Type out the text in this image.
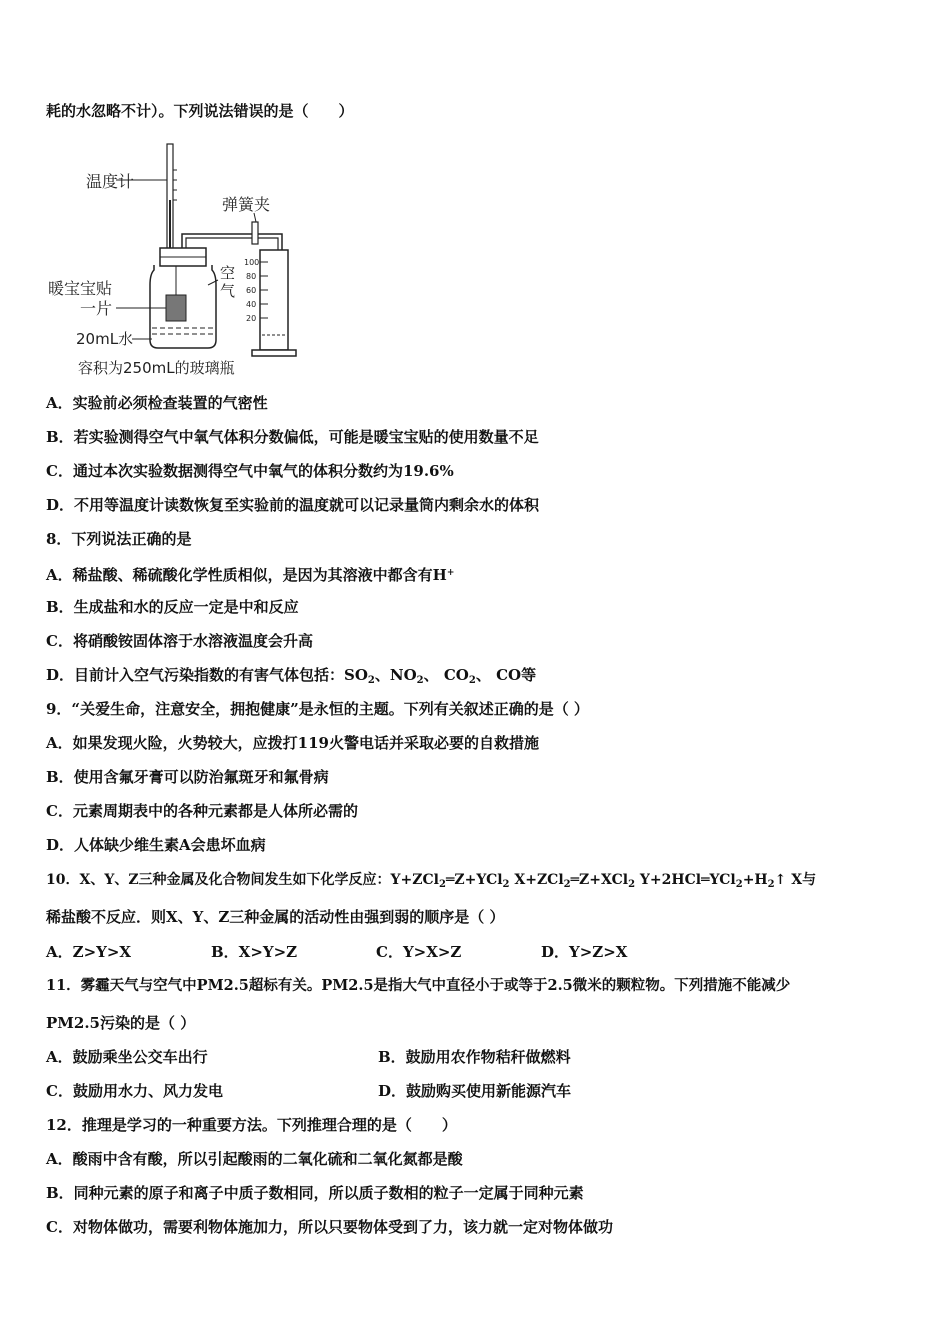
耗的水忽略不计）。下列说法错误的是（　　）
温度计
弹簧夹
100
80
60
40
20
空
气
暖宝宝贴
一片
20mL水
容积为250mL的玻璃瓶
A．实验前必须检查装置的气密性
B．若实验测得空气中氧气体积分数偏低，可能是暖宝宝贴的使用数量不足
C．通过本次实验数据测得空气中氧气的体积分数约为19.6%
D．不用等温度计读数恢复至实验前的温度就可以记录量筒内剩余水的体积
8．下列说法正确的是
A．稀盐酸、稀硫酸化学性质相似，是因为其溶液中都含有H+
B．生成盐和水的反应一定是中和反应
C．将硝酸铵固体溶于水溶液温度会升高
D．目前计入空气污染指数的有害气体包括：$SO_2$、$NO_2$、 $CO_2$、 CO等
9．“关爱生命，注意安全，拥抱健康”是永恒的主题。下列有关叙述正确的是（ ）
A．如果发现火险，火势较大，应拨打119火警电话并采取必要的自救措施
B．使用含氟牙膏可以防治氟斑牙和氟骨病
C．元素周期表中的各种元素都是人体所必需的
D．人体缺少维生素A会患坏血病
10．X、Y、Z三种金属及化合物间发生如下化学反应：Y+ZCl$_2$═Z+YCl$_2$ X+ZCl$_2$═Z+XCl$_2$ $Y+2HCl═YCl_2+H_2↑$ X与
稀盐酸不反应．则X、Y、Z三种金属的活动性由强到弱的顺序是（ ）
A．Z>Y>X	B．X>Y>Z	C．Y>X>Z	D．Y>Z>X
11．雾霾天气与空气中PM2.5超标有关。PM2.5是指大气中直径小于或等于2.5微米的颗粒物。下列措施不能减少
PM2.5污染的是（ ）
A．鼓励乘坐公交车出行	B．鼓励用农作物秸秆做燃料
C．鼓励用水力、风力发电	D．鼓励购买使用新能源汽车
12．推理是学习的一种重要方法。下列推理合理的是（　　）
A．酸雨中含有酸，所以引起酸雨的二氧化硫和二氧化氮都是酸
B．同种元素的原子和离子中质子数相同，所以质子数相的粒子一定属于同种元素
C．对物体做功，需要利物体施加力，所以只要物体受到了力，该力就一定对物体做功
